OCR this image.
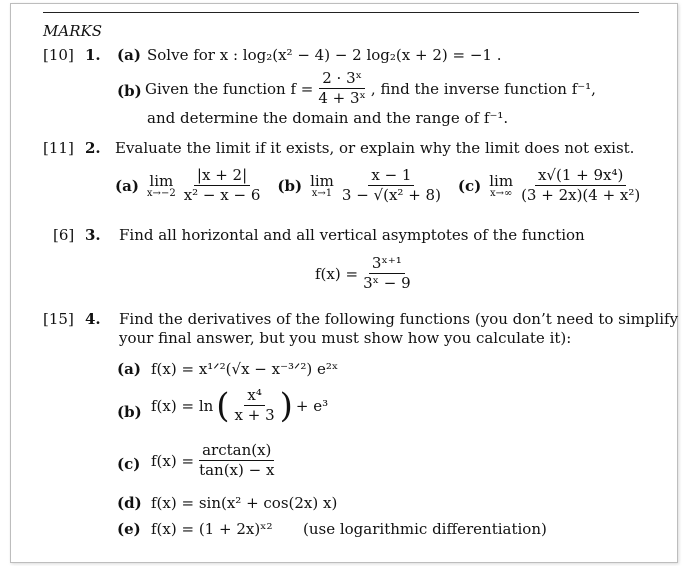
MARKS
[10] 1. (a) Solve for x : log₂(x² − 4) − 2 log₂(x + 2) = −1 .
(b) Given the function $f = \frac{\text{2 · 3ˣ}}{\text{4 + 3ˣ}}$ , find the inverse function f⁻¹,
and determine the domain and the range of f⁻¹.
[11] 2. Evaluate the limit if it exists, or explain why the limit does not exist.
(a) lim
$x\to-2 \frac{|x + 2|}{\text{x² − x − 6}} (b)$ lim
$x\to 1 \frac{x - 1}{\text{3 − √(x² + 8)}} (c)$ lim
$x\to\infty \frac{\text{x√(1 + 9x⁴)}}{\text{(3 + 2x)(4 + x²)}}$
[6] 3. Find all horizontal and all vertical asymptotes of the function
$f(x) = \frac{\text{3ˣ⁺¹}}{\text{3ˣ − 9}}$
[15] 4. Find the derivatives of the following functions (you don’t need to simplify
your final answer, but you must show how you calculate it):
(a) f(x) = x¹ᐟ²(√x − x⁻³ᐟ²) e²ˣ
(b) f(x) = ln ( $\frac{\text{x⁴}}{x + 3}$ ) + e³
(c) $f(x) = \frac{\arctan(x)}{\tan(x) - x}$
(d) f(x) = sin(x² + cos(2x) x)
(e) f(x) = (1 + 2x)ˣ² (use logarithmic differentiation)
